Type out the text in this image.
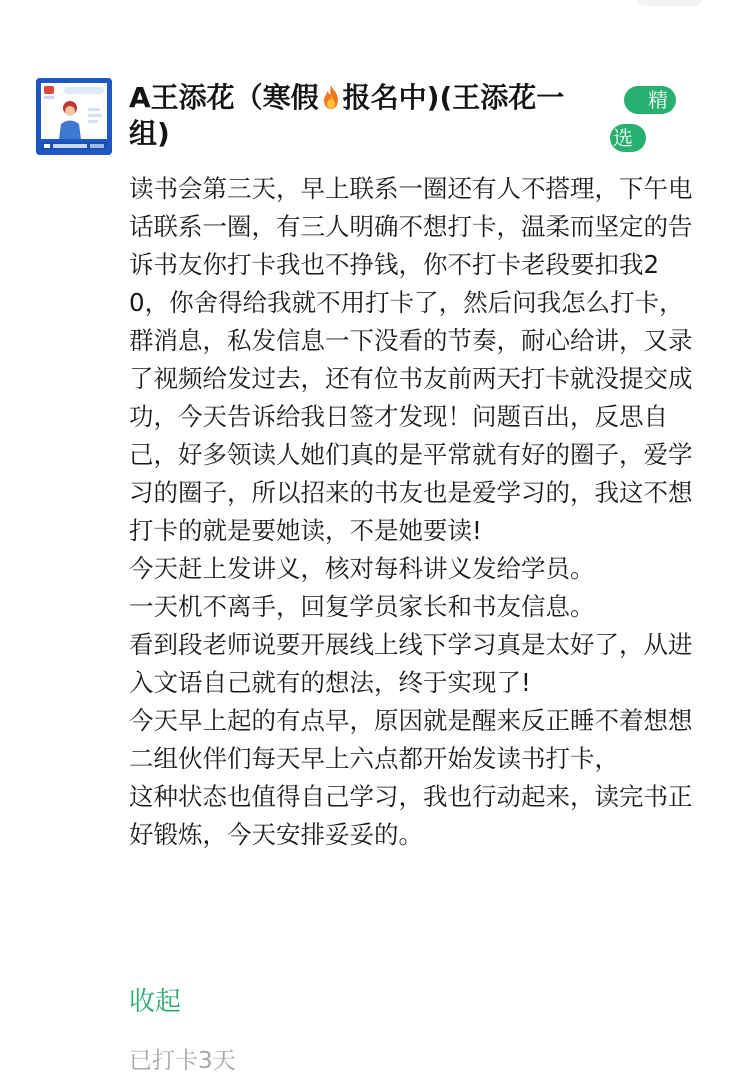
A王添花（寒假 报名中)(王添花一组)
精
选

读书会第三天，早上联系一圈还有人不搭理，下午电话联系一圈，有三人明确不想打卡，温柔而坚定的告诉书友你打卡我也不挣钱，你不打卡老段要扣我20，你舍得给我就不用打卡了，然后问我怎么打卡，群消息，私发信息一下没看的节奏，耐心给讲，又录了视频给发过去，还有位书友前两天打卡就没提交成功，今天告诉给我日签才发现！问题百出，反思自己，好多领读人她们真的是平常就有好的圈子，爱学习的圈子，所以招来的书友也是爱学习的，我这不想打卡的就是要她读，不是她要读!

今天赶上发讲义，核对每科讲义发给学员。

一天机不离手，回复学员家长和书友信息。

看到段老师说要开展线上线下学习真是太好了，从进入文语自己就有的想法，终于实现了!

今天早上起的有点早，原因就是醒来反正睡不着想想二组伙伴们每天早上六点都开始发读书打卡，

这种状态也值得自己学习，我也行动起来，读完书正好锻炼，今天安排妥妥的。

收起
已打卡3天
